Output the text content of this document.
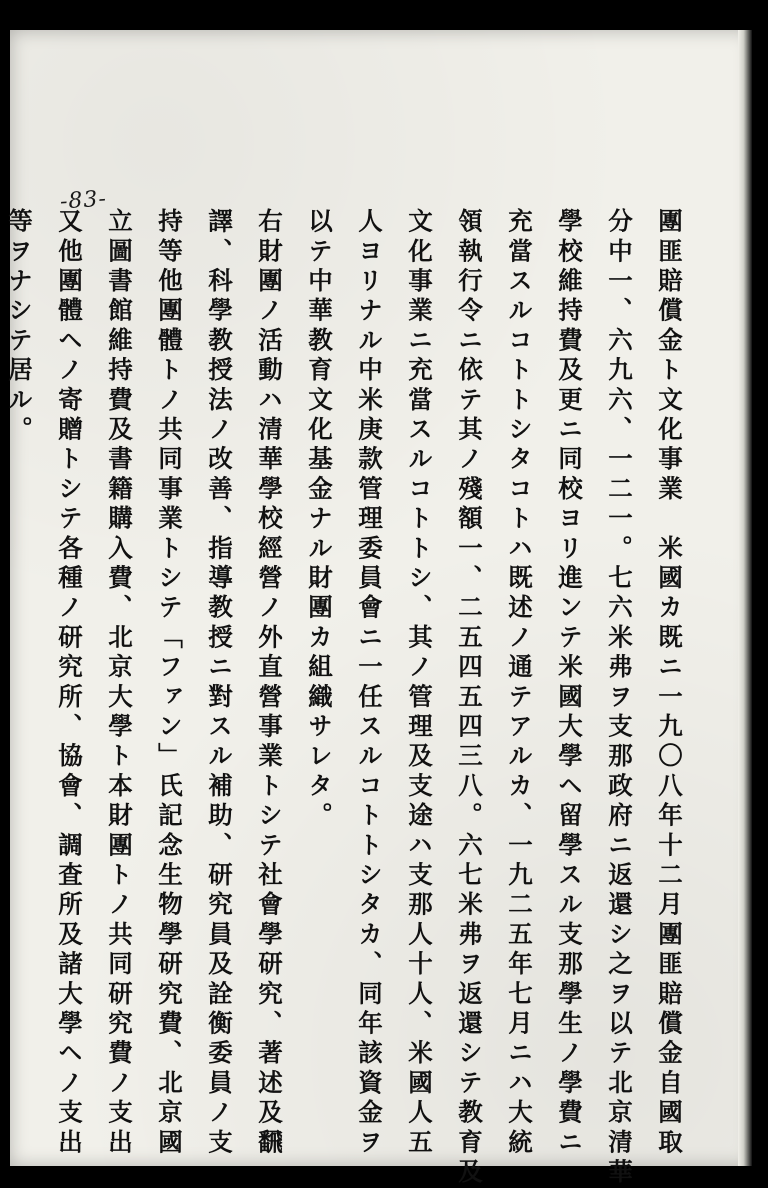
-83-
團匪賠償金ト文化事業　米國カ既ニ一九〇八年十二月團匪賠償金自國取
分中一、六九六、一二一。七六米弗ヲ支那政府ニ返還シ之ヲ以テ北京清華
學校維持費及更ニ同校ヨリ進ンテ米國大學ヘ留學スル支那學生ノ學費ニ
充當スルコトトシタコトハ既述ノ通テアルカ、一九二五年七月ニハ大統
領執行令ニ依テ其ノ殘額一、二五四五四三八。六七米弗ヲ返還シテ教育及
文化事業ニ充當スルコトトシ、其ノ管理及支途ハ支那人十人、米國人五
人ヨリナル中米庚款管理委員會ニ一任スルコトトシタカ、同年該資金ヲ
以テ中華教育文化基金ナル財團カ組織サレタ。
右財團ノ活動ハ清華學校經營ノ外直營事業トシテ社會學研究、著述及飜
譯、科學教授法ノ改善、指導教授ニ對スル補助、研究員及詮衡委員ノ支
持等他團體トノ共同事業トシテ「ファン」氏記念生物學研究費、北京國
立圖書館維持費及書籍購入費、北京大學ト本財團トノ共同研究費ノ支出
又他團體ヘノ寄贈トシテ各種ノ研究所、協會、調査所及諸大學ヘノ支出
等ヲナシテ居ル。
